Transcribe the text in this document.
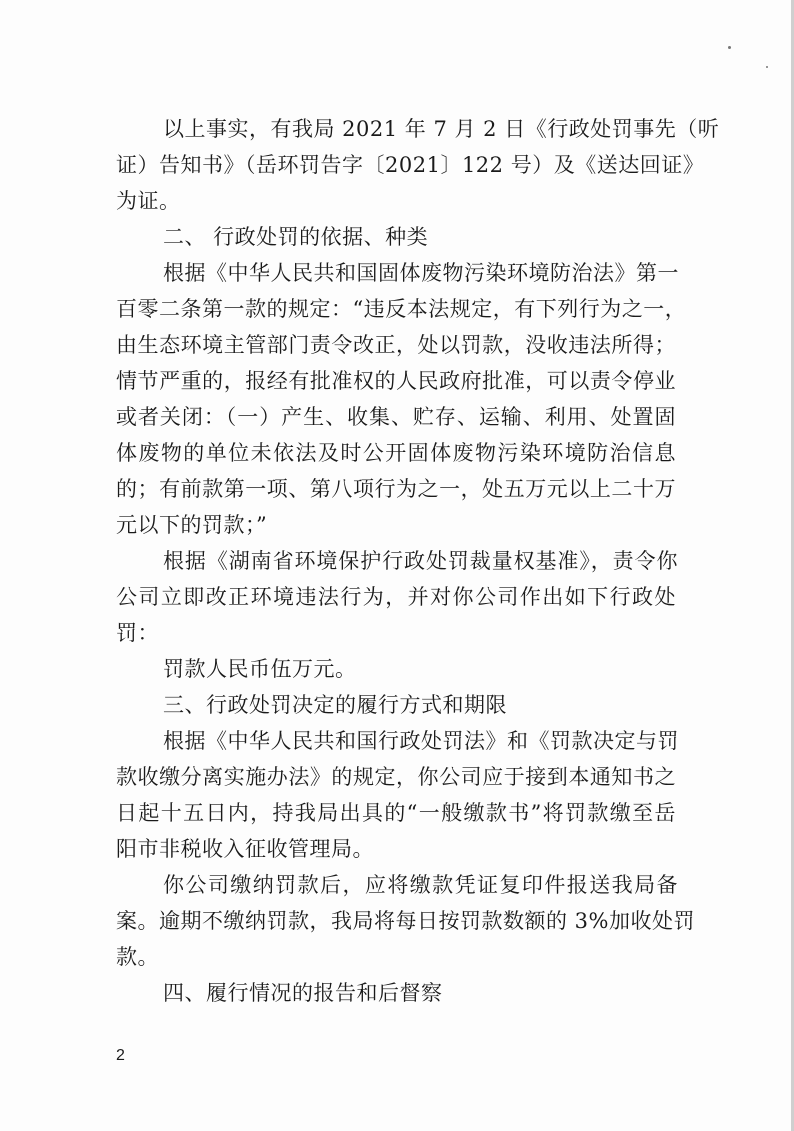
以上事实，有我局 2021 年 7 月 2 日《行政处罚事先（听
证）告知书》（岳环罚告字〔2021〕122 号）及《送达回证》
为证。
二、 行政处罚的依据、种类
根据《中华人民共和国固体废物污染环境防治法》第一
百零二条第一款的规定：“违反本法规定，有下列行为之一，
由生态环境主管部门责令改正，处以罚款，没收违法所得；
情节严重的，报经有批准权的人民政府批准，可以责令停业
或者关闭：（一）产生、收集、贮存、运输、利用、处置固
体废物的单位未依法及时公开固体废物污染环境防治信息
的；有前款第一项、第八项行为之一，处五万元以上二十万
元以下的罚款；”
根据《湖南省环境保护行政处罚裁量权基准》，责令你
公司立即改正环境违法行为，并对你公司作出如下行政处
罚：
罚款人民币伍万元。
三、行政处罚决定的履行方式和期限
根据《中华人民共和国行政处罚法》和《罚款决定与罚
款收缴分离实施办法》的规定，你公司应于接到本通知书之
日起十五日内，持我局出具的“一般缴款书”将罚款缴至岳
阳市非税收入征收管理局。
你公司缴纳罚款后，应将缴款凭证复印件报送我局备
案。逾期不缴纳罚款，我局将每日按罚款数额的 3%加收处罚
款。
四、履行情况的报告和后督察
2
